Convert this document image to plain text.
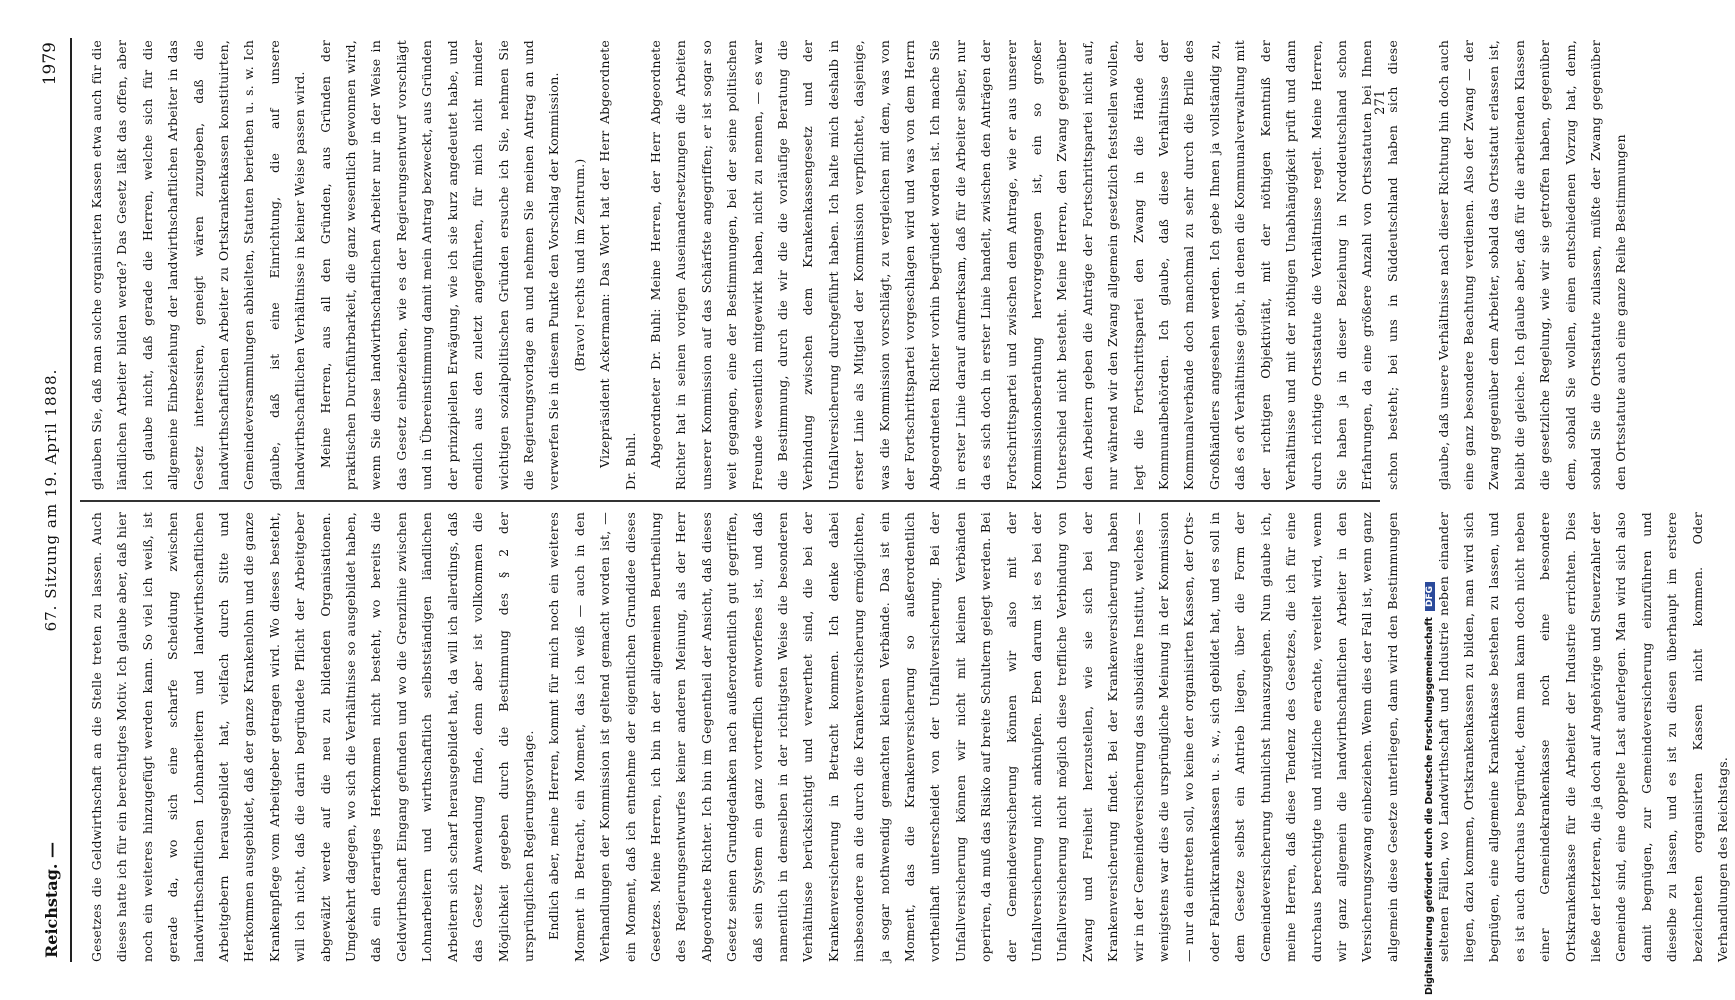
Reichstag. —
67. Sitzung am 19. April 1888.
1979

Gesetzes die Geldwirthschaft an die Stelle treten zu lassen. Auch dieses hatte ich für ein berechtigtes Motiv. Ich glaube aber, daß hier noch ein weiteres hinzugefügt werden kann. So viel ich weiß, ist gerade da, wo sich eine scharfe Scheidung zwischen landwirthschaftlichen Lohnarbeitern und landwirthschaftlichen Arbeitgebern herausgebildet hat, vielfach durch Sitte und Herkommen ausgebildet, daß der ganze Krankenlohn und die ganze Krankenpflege vom Arbeitgeber getragen wird. Wo dieses besteht, will ich nicht, daß die darin begründete Pflicht der Arbeitgeber abgewälzt werde auf die neu zu bildenden Organisationen. Umgekehrt dagegen, wo sich die Verhältnisse so ausgebildet haben, daß ein derartiges Herkommen nicht besteht, wo bereits die Geldwirthschaft Eingang gefunden und wo die Grenzlinie zwischen Lohnarbeitern und wirthschaftlich selbstständigen ländlichen Arbeitern sich scharf herausgebildet hat, da will ich allerdings, daß das Gesetz Anwendung finde, denn aber ist vollkommen die Möglichkeit gegeben durch die Bestimmung des § 2 der ursprünglichen Regierungsvorlage. Endlich aber, meine Herren, kommt für mich noch ein weiteres Moment in Betracht, ein Moment, das ich weiß — auch in den Verhandlungen der Kommission ist geltend gemacht worden ist, — ein Moment, daß ich entnehme der eigentlichen Grundidee dieses Gesetzes. Meine Herren, ich bin in der allgemeinen Beurtheilung des Regierungsentwurfes keiner anderen Meinung, als der Herr Abgeordnete Richter. Ich bin im Gegentheil der Ansicht, daß dieses Gesetz seinen Grundgedanken nach außerordentlich gut gegriffen, daß sein System ein ganz vortrefflich entworfenes ist, und daß namentlich in demselben in der richtigsten Weise die besonderen Verhältnisse berücksichtigt und verwerthet sind, die bei der Krankenversicherung in Betracht kommen. Ich denke dabei insbesondere an die durch die Krankenversicherung ermöglichten, ja sogar nothwendig gemachten kleinen Verbände. Das ist ein Moment, das die Krankenversicherung so außerordentlich vortheilhaft unterscheidet von der Unfallversicherung. Bei der Unfallversicherung können wir nicht mit kleinen Verbänden operiren, da muß das Risiko auf breite Schultern gelegt werden. Bei der Gemeindeversicherung können wir also mit der Unfallversicherung nicht anknüpfen. Eben darum ist es bei der Unfallversicherung nicht möglich diese treffliche Verbindung von Zwang und Freiheit herzustellen, wie sie sich bei der Krankenversicherung findet. Bei der Krankenversicherung haben wir in der Gemeindeversicherung das subsidiäre Institut, welches — wenigstens war dies die ursprüngliche Meinung in der Kommission — nur da eintreten soll, wo keine der organisirten Kassen, der Orts- oder Fabrikkrankenkassen u. s. w., sich gebildet hat, und es soll in dem Gesetze selbst ein Antrieb liegen, über die Form der Gemeindeversicherung thunlichst hinauszugehen. Nun glaube ich, meine Herren, daß diese Tendenz des Gesetzes, die ich für eine durchaus berechtigte und nützliche erachte, vereitelt wird, wenn wir ganz allgemein die landwirthschaftlichen Arbeiter in den Versicherungszwang einbeziehen. Wenn dies der Fall ist, wenn ganz allgemein diese Gesetze unterliegen, dann wird den Bestimmungen seltenen Fällen, wo Landwirthschaft und Industrie neben einander liegen, dazu kommen, Ortskrankenkassen zu bilden, man wird sich begnügen, eine allgemeine Krankenkasse bestehen zu lassen, und es ist auch durchaus begründet, denn man kann doch nicht neben einer Gemeindekrankenkasse noch eine besondere Ortskrankenkasse für die Arbeiter der Industrie errichten. Dies ließe der letzteren, die ja doch auf Angehörige und Steuerzahler der Gemeinde sind, eine doppelte Last auferlegen. Man wird sich also damit begnügen, zur Gemeindeversicherung einzuführen und dieselbe zu lassen, und es ist zu diesen überhaupt im erstere bezeichneten organisirten Kassen nicht kommen. Oder Verhandlungen des Reichstags.

glauben Sie, daß man solche organisirten Kassen etwa auch für die ländlichen Arbeiter bilden werde? Das Gesetz läßt das offen, aber ich glaube nicht, daß gerade die Herren, welche sich für die allgemeine Einbeziehung der landwirthschaftlichen Arbeiter in das Gesetz interessiren, geneigt wären zuzugeben, daß die landwirthschaftlichen Arbeiter zu Ortskrankenkassen konstituirten, Gemeindeversammlungen abhielten, Statuten beriethen u. s. w. Ich glaube, daß ist eine Einrichtung, die auf unsere landwirthschaftlichen Verhältnisse in keiner Weise passen wird. Meine Herren, aus all den Gründen, aus Gründen der praktischen Durchführbarkeit, die ganz wesentlich gewonnen wird, wenn Sie diese landwirthschaftlichen Arbeiter nur in der Weise in das Gesetz einbeziehen, wie es der Regierungsentwurf vorschlägt und in Übereinstimmung damit mein Antrag bezweckt, aus Gründen der prinzipiellen Erwägung, wie ich sie kurz angedeutet habe, und endlich aus den zuletzt angeführten, für mich nicht minder wichtigen sozialpolitischen Gründen ersuche ich Sie, nehmen Sie die Regierungsvorlage an und nehmen Sie meinen Antrag an und verwerfen Sie in diesem Punkte den Vorschlag der Kommission. (Bravo! rechts und im Zentrum.) Vizepräsident Ackermann: Das Wort hat der Herr Abgeordnete Dr. Buhl. Abgeordneter Dr. Buhl: Meine Herren, der Herr Abgeordnete Richter hat in seinen vorigen Auseinandersetzungen die Arbeiten unserer Kommission auf das Schärfste angegriffen; er ist sogar so weit gegangen, eine der Bestimmungen, bei der seine politischen Freunde wesentlich mitgewirkt haben, nicht zu nennen, — es war die Bestimmung, durch die wir die die vorläufige Beratung die Verbindung zwischen dem Krankenkassengesetz und der Unfallversicherung durchgeführt haben. Ich halte mich deshalb in erster Linie als Mitglied der Kommission verpflichtet, dasjenige, was die Kommission vorschlägt, zu vergleichen mit dem, was von der Fortschrittspartei vorgeschlagen wird und was von dem Herrn Abgeordneten Richter vorhin begründet worden ist. Ich mache Sie in erster Linie darauf aufmerksam, daß für die Arbeiter selber, nur da es sich doch in erster Linie handelt, zwischen den Anträgen der Fortschrittspartei und zwischen dem Antrage, wie er aus unserer Kommissionsberathung hervorgegangen ist, ein so großer Unterschied nicht besteht. Meine Herren, den Zwang gegenüber den Arbeitern geben die Anträge der Fortschrittspartei nicht auf, nur während wir den Zwang allgemein gesetzlich feststellen wollen, legt die Fortschrittspartei den Zwang in die Hände der Kommunalbehörden. Ich glaube, daß diese Verhältnisse der Kommunalverbände doch manchmal zu sehr durch die Brille des Großhändlers angesehen werden. Ich gebe Ihnen ja vollständig zu, daß es oft Verhältnisse giebt, in denen die Kommunalverwaltung mit der richtigen Objektivität, mit der nöthigen Kenntniß der Verhältnisse und mit der nöthigen Unabhängigkeit prüft und dann durch richtige Ortsstatute die Verhältnisse regelt. Meine Herren, Sie haben ja in dieser Beziehung in Norddeutschland schon Erfahrungen, da eine größere Anzahl von Ortsstatuten bei Ihnen schon besteht; bei uns in Süddeutschland haben sich diese glaube, daß unsere Verhältnisse nach dieser Richtung hin doch auch eine ganz besondere Beachtung verdienen. Also der Zwang — der Zwang gegenüber dem Arbeiter, sobald das Ortsstatut erlassen ist, bleibt die gleiche. Ich glaube aber, daß für die arbeitenden Klassen die gesetzliche Regelung, wie wir sie getroffen haben, gegenüber dem, sobald Sie wollen, einen entschiedenen Vorzug hat, denn, sobald Sie die Ortsstatute zulassen, müßte der Zwang gegenüber den Ortsstatute auch eine ganze Reihe Bestimmungen

271
Digitalisierung gefördert durch die Deutsche ForschungsgemeinschaftDFG
